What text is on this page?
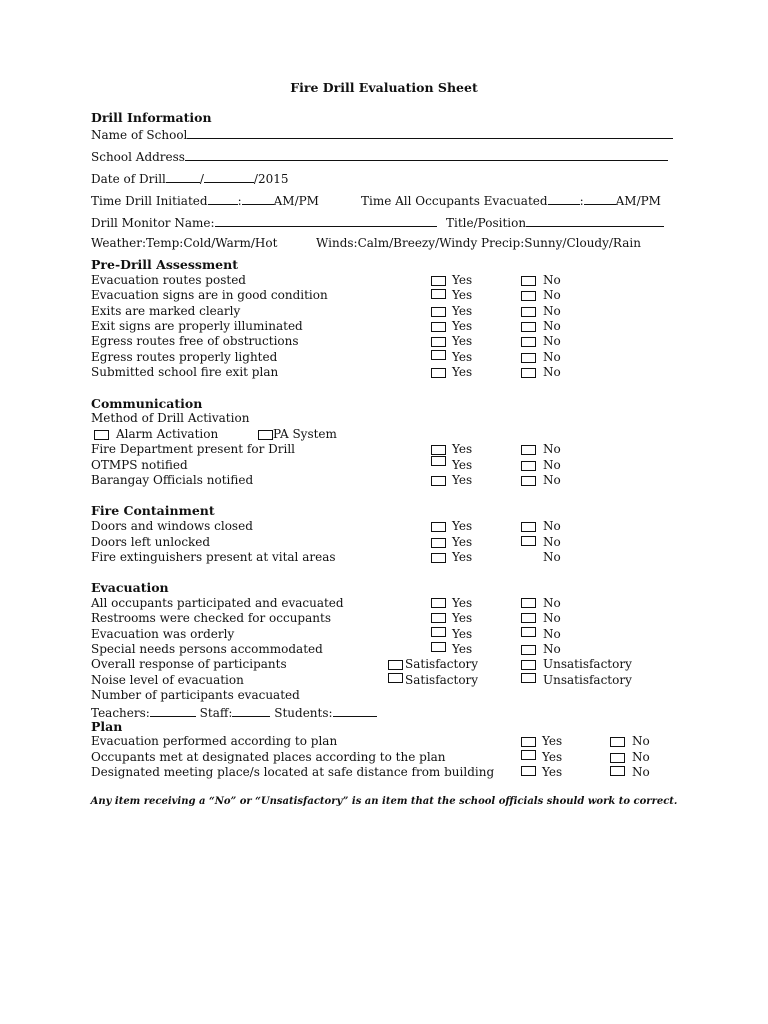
Fire Drill Evaluation Sheet
Drill Information
Name of School
School Address
Date of Drill	/	/2015
Time Drill Initiated	:	AM/PM	Time All Occupants Evacuated	:	AM/PM
Drill Monitor Name:	Title/Position
Weather:Temp:Cold/Warm/Hot	Winds:Calm/Breezy/Windy Precip:Sunny/Cloudy/Rain
Pre-Drill Assessment
Evacuation routes posted	Yes	No
Evacuation signs are in good condition	Yes	No
Exits are marked clearly	Yes	No
Exit signs are properly illuminated	Yes	No
Egress routes free of obstructions	Yes	No
Egress routes properly lighted	Yes	No
Submitted school fire exit plan	Yes	No
Communication
Method of Drill Activation
Alarm Activation	PA System
Fire Department present for Drill	Yes	No
OTMPS notified	Yes	No
Barangay Officials notified	Yes	No
Fire Containment
Doors and windows closed	Yes	No
Doors left unlocked	Yes	No
Fire extinguishers present at vital areas	Yes	No
Evacuation
All occupants participated and evacuated	Yes	No
Restrooms were checked for occupants	Yes	No
Evacuation was orderly	Yes	No
Special needs persons accommodated	Yes	No
Overall response of participants	Satisfactory	Unsatisfactory
Noise level of evacuation	Satisfactory	Unsatisfactory
Number of participants evacuated
Teachers:	Staff:	Students:
Plan
Evacuation performed according to plan	Yes	No
Occupants met at designated places according to the plan	Yes	No
Designated meeting place/s located at safe distance from building	Yes	No
Any item receiving a “No” or “Unsatisfactory” is an item that the school officials should work to correct.
